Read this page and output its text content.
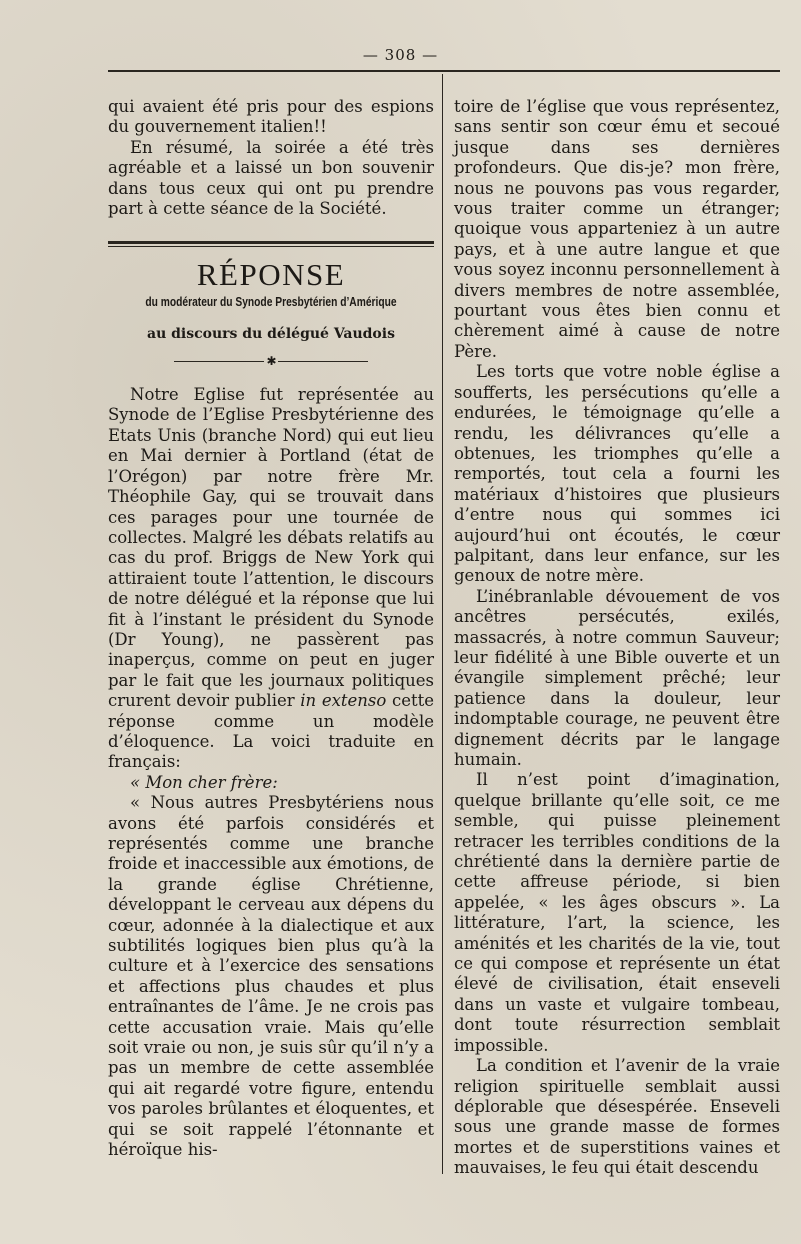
— 308 —

qui avaient été pris pour des espions du gouvernement italien!!

En résumé, la soirée a été très agréable et a laissé un bon souvenir dans tous ceux qui ont pu prendre part à cette séance de la Société.

RÉPONSE
du modérateur du Synode Presbytérien d’Amérique
au discours du délégué Vaudois
✱

Notre Eglise fut représentée au Synode de l’Eglise Presbytérienne des Etats Unis (branche Nord) qui eut lieu en Mai dernier à Portland (état de l’Orégon) par notre frère Mr. Théophile Gay, qui se trouvait dans ces parages pour une tournée de collectes. Malgré les débats relatifs au cas du prof. Briggs de New York qui attiraient toute l’attention, le discours de notre délégué et la réponse que lui fit à l’instant le président du Synode (Dr Young), ne passèrent pas inaperçus, comme on peut en juger par le fait que les journaux politiques crurent devoir publier in extenso cette réponse comme un modèle d’éloquence. La voici traduite en français:

« Mon cher frère:

« Nous autres Presbytériens nous avons été parfois considérés et représentés comme une branche froide et inaccessible aux émotions, de la grande église Chrétienne, développant le cerveau aux dépens du cœur, adonnée à la dialectique et aux subtilités logiques bien plus qu’à la culture et à l’exercice des sensations et affections plus chaudes et plus entraînantes de l’âme. Je ne crois pas cette accusation vraie. Mais qu’elle soit vraie ou non, je suis sûr qu’il n’y a pas un membre de cette assemblée qui ait regardé votre figure, entendu vos paroles brûlantes et éloquentes, et qui se soit rappelé l’étonnante et héroïque his-

toire de l’église que vous représentez, sans sentir son cœur ému et secoué jusque dans ses dernières profondeurs. Que dis-je? mon frère, nous ne pouvons pas vous regarder, vous traiter comme un étranger; quoique vous apparteniez à un autre pays, et à une autre langue et que vous soyez inconnu personnellement à divers membres de notre assemblée, pourtant vous êtes bien connu et chèrement aimé à cause de notre Père.

Les torts que votre noble église a soufferts, les persécutions qu’elle a endurées, le témoignage qu’elle a rendu, les délivrances qu’elle a obtenues, les triomphes qu’elle a remportés, tout cela a fourni les matériaux d’histoires que plusieurs d’entre nous qui sommes ici aujourd’hui ont écoutés, le cœur palpitant, dans leur enfance, sur les genoux de notre mère.

L’inébranlable dévouement de vos ancêtres persécutés, exilés, massacrés, à notre commun Sauveur; leur fidélité à une Bible ouverte et un évangile simplement prêché; leur patience dans la douleur, leur indomptable courage, ne peuvent être dignement décrits par le langage humain.

Il n’est point d’imagination, quelque brillante qu’elle soit, ce me semble, qui puisse pleinement retracer les terribles conditions de la chrétienté dans la dernière partie de cette affreuse période, si bien appelée, « les âges obscurs ». La littérature, l’art, la science, les aménités et les charités de la vie, tout ce qui compose et représente un état élevé de civilisation, était enseveli dans un vaste et vulgaire tombeau, dont toute résurrection semblait impossible.

La condition et l’avenir de la vraie religion spirituelle semblait aussi déplorable que désespérée. Enseveli sous une grande masse de formes mortes et de superstitions vaines et mauvaises, le feu qui était descendu
